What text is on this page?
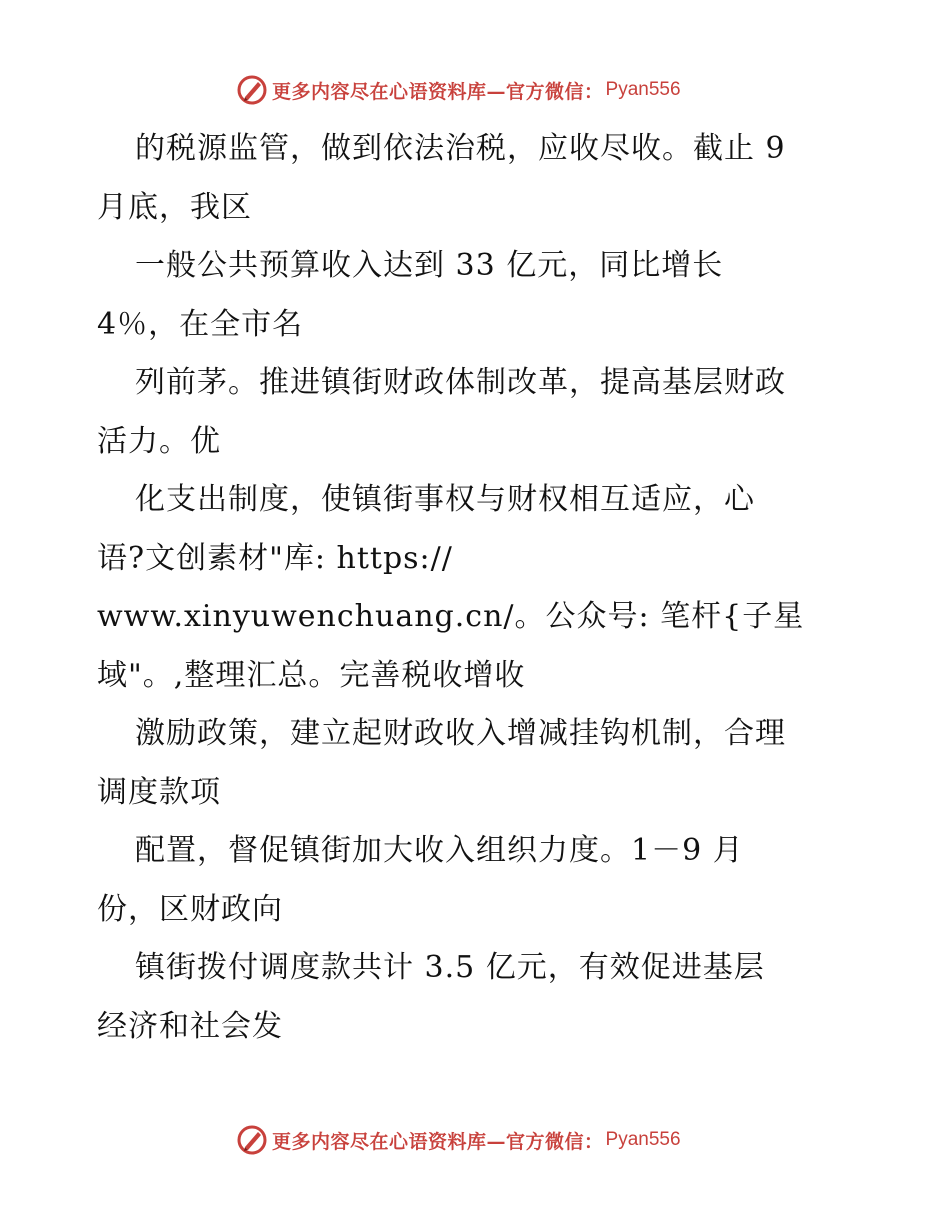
更多内容尽在心语资料库—官方微信： Pyan556
的税源监管，做到依法治税，应收尽收。截止 9
月底，我区
一般公共预算收入达到 33 亿元，同比增长
4％，在全市名
列前茅。推进镇街财政体制改革，提高基层财政
活力。优
化支出制度，使镇街事权与财权相互适应，心
语?文创素材"库: https://
www.xinyuwenchuang.cn/。公众号: 笔杆{子星
域"。,整理汇总。完善税收增收
激励政策，建立起财政收入增减挂钩机制，合理
调度款项
配置，督促镇街加大收入组织力度。1－9 月
份，区财政向
镇街拨付调度款共计 3.5 亿元，有效促进基层
经济和社会发
更多内容尽在心语资料库—官方微信： Pyan556
